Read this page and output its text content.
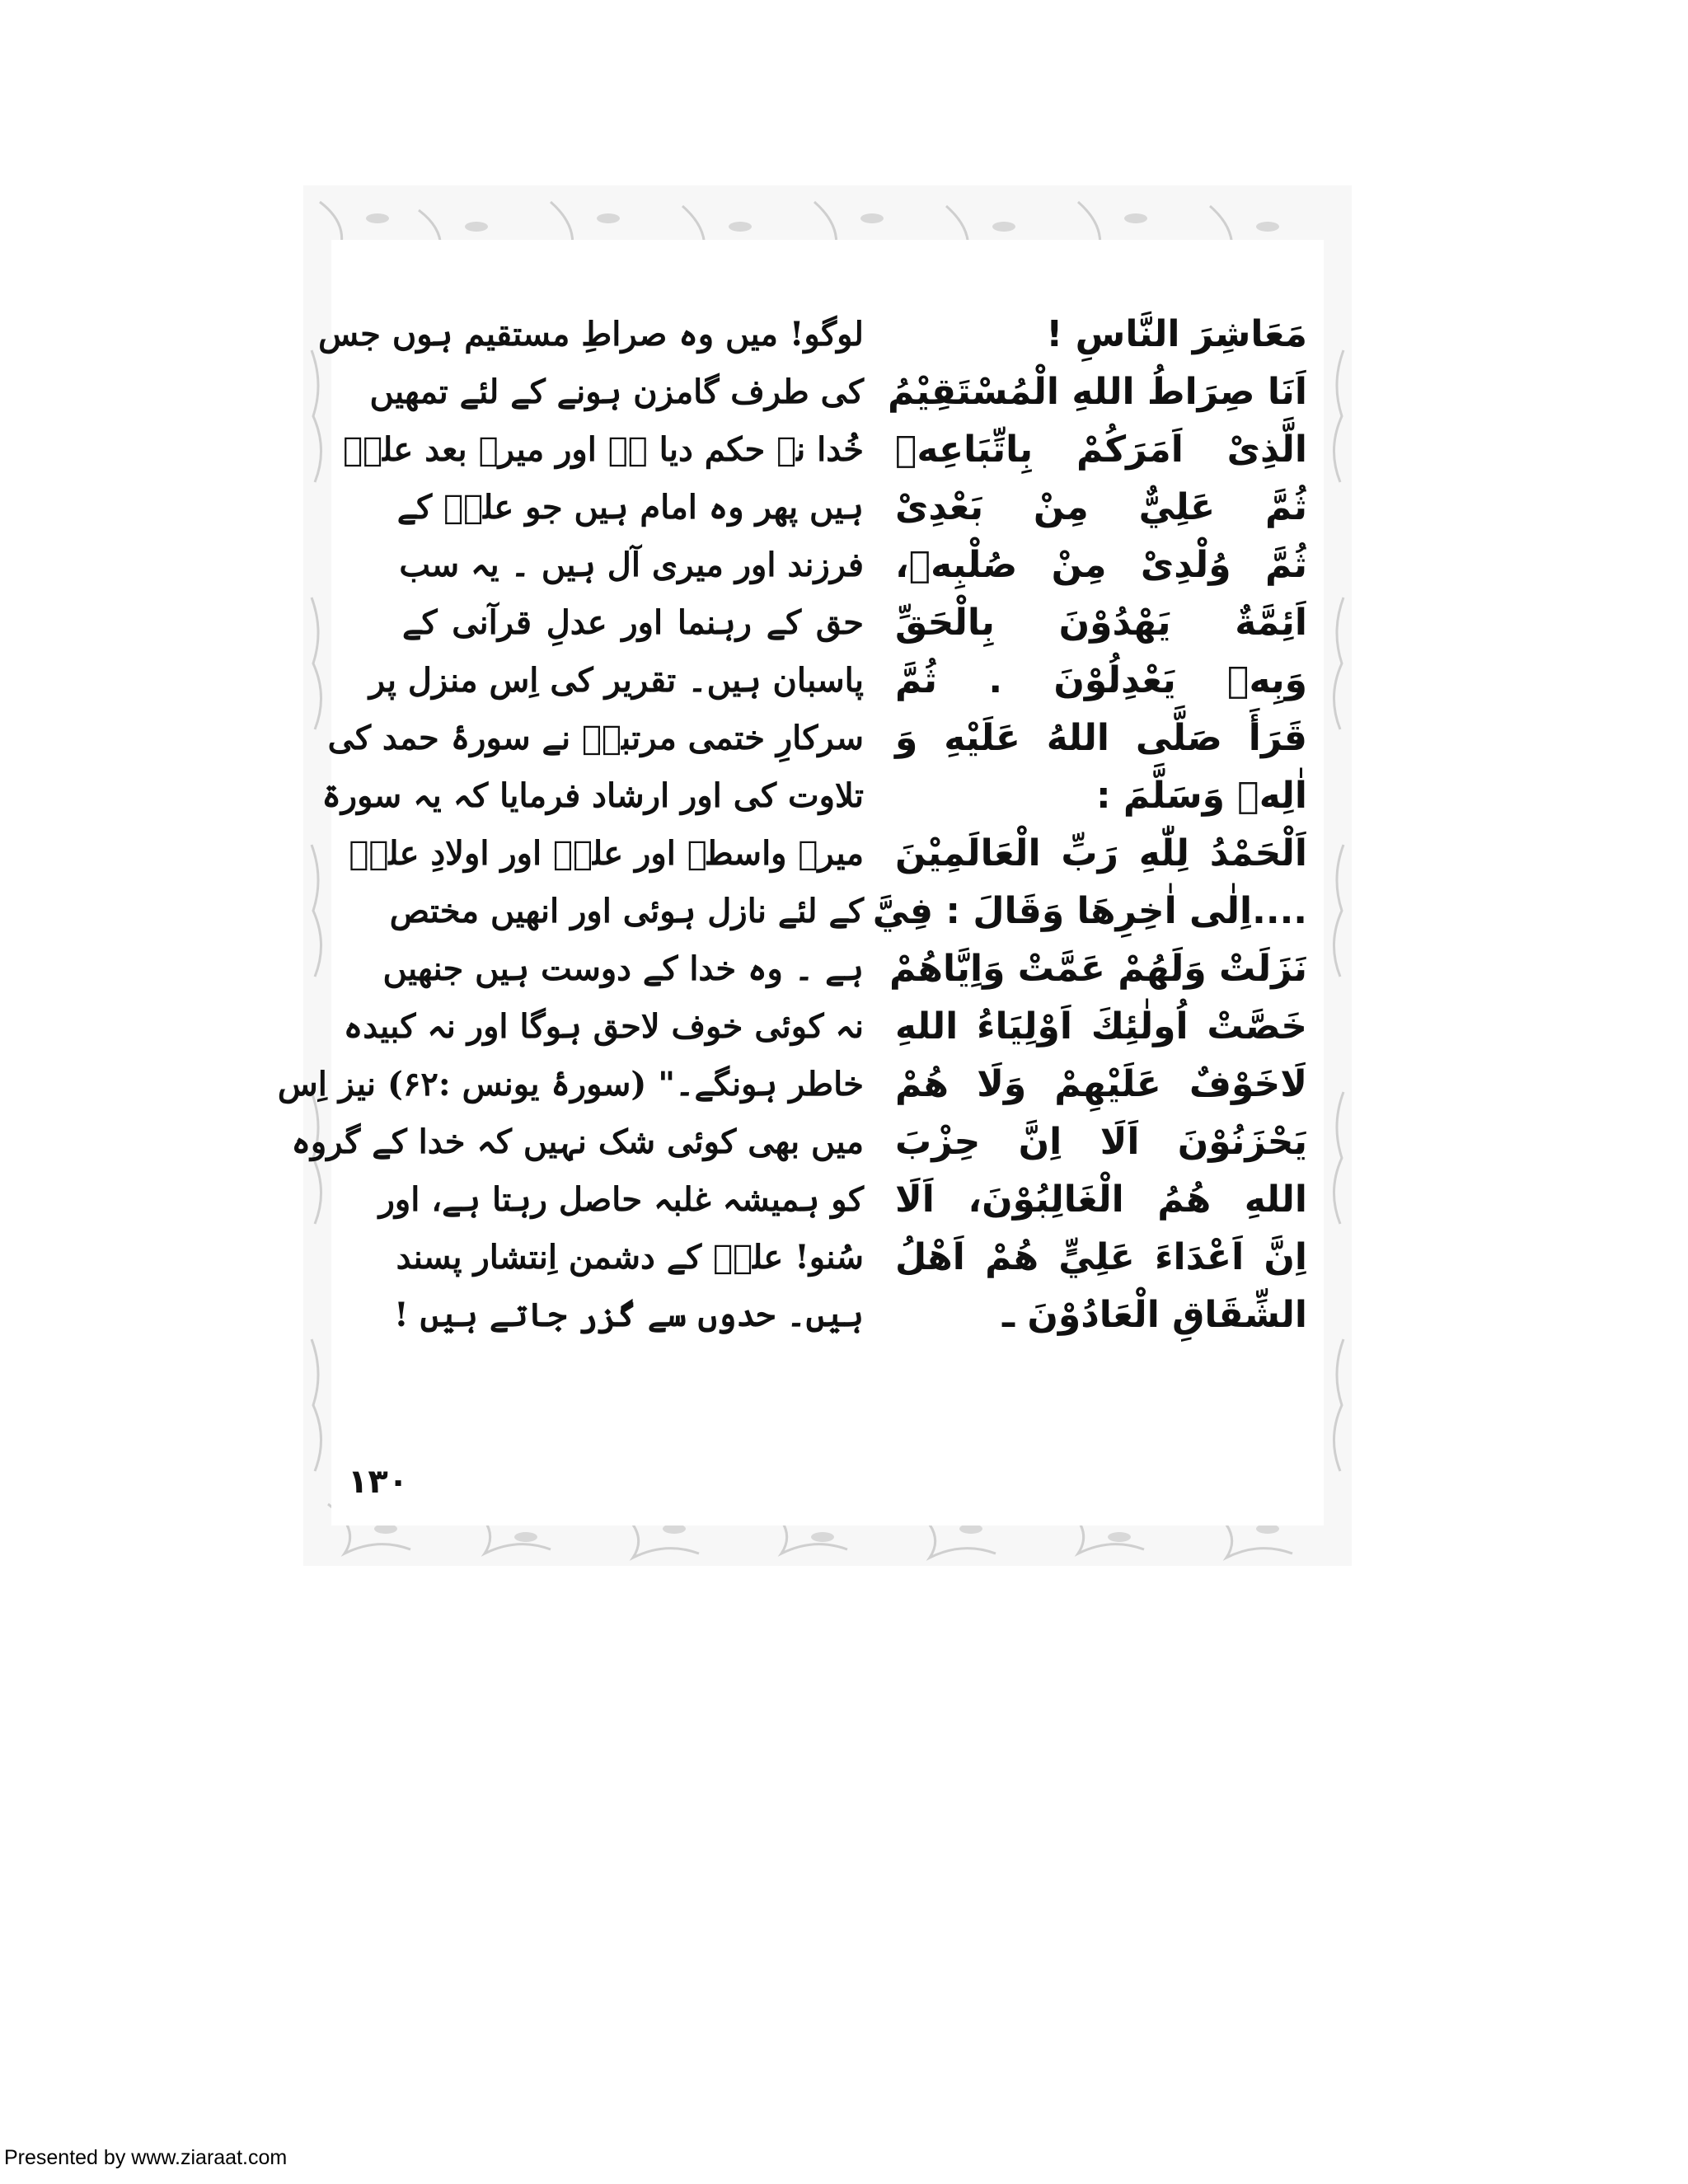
مَعَاشِرَ النَّاسِ !
اَنَا صِرَاطُ اللهِ الْمُسْتَقِيْمُ
الَّذِىْ اَمَرَكُمْ بِاتِّبَاعِهٖ
ثُمَّ عَلِيٌّ مِنْ بَعْدِىْ
ثُمَّ وُلْدِىْ مِنْ صُلْبِهٖ،
اَئِمَّةٌ يَهْدُوْنَ بِالْحَقِّ
وَبِهٖ يَعْدِلُوْنَ . ثُمَّ
قَرَأَ صَلَّى اللهُ عَلَيْهِ وَ
اٰلِهٖ وَسَلَّمَ :
اَلْحَمْدُ لِلّٰهِ رَبِّ الْعَالَمِيْنَ
....اِلٰى اٰخِرِهَا وَقَالَ : فِيَّ
نَزَلَتْ وَلَهُمْ عَمَّتْ وَاِيَّاهُمْ
خَصَّتْ اُولٰئِكَ اَوْلِيَاءُ اللهِ
لَاخَوْفٌ عَلَيْهِمْ وَلَا هُمْ
يَحْزَنُوْنَ اَلَا اِنَّ حِزْبَ
اللهِ هُمُ الْغَالِبُوْنَ، اَلَا
اِنَّ اَعْدَاءَ عَلِيٍّ هُمْ اَهْلُ
الشِّقَاقِ الْعَادُوْنَ ـ
لوگو! میں وہ صراطِ مستقیم ہوں جس
کی طرف گامزن ہونے کے لئے تمھیں
خُدا نے حکم دیا ہے اور میرے بعد علیؑ
ہیں پھر وہ امام ہیں جو علیؑ کے
فرزند اور میری آل ہیں ۔ یہ سب
حق کے رہنما اور عدلِ قرآنی کے
پاسبان ہیں۔ تقریر کی اِس منزل پر
سرکارِ ختمی مرتبتؐ نے سورۂ حمد کی
تلاوت کی اور ارشاد فرمایا کہ یہ سورۃ
میرے واسطے اور علیؑ اور اولادِ علیؑ
کے لئے نازل ہوئی اور انھیں مختص
ہے ۔ وہ خدا کے دوست ہیں جنھیں
نہ کوئی خوف لاحق ہوگا اور نہ کبیدہ
خاطر ہونگے۔" (سورۂ یونس :۶۲) نیز اِس
میں بھی کوئی شک نہیں کہ خدا کے گروہ
کو ہمیشہ غلبہ حاصل رہتا ہے، اور
سُنو! علیؑ کے دشمن اِنتشار پسند
ہیں۔ حدوں سے گزر جاتے ہیں !
۱۳۰
Presented by www.ziaraat.com
